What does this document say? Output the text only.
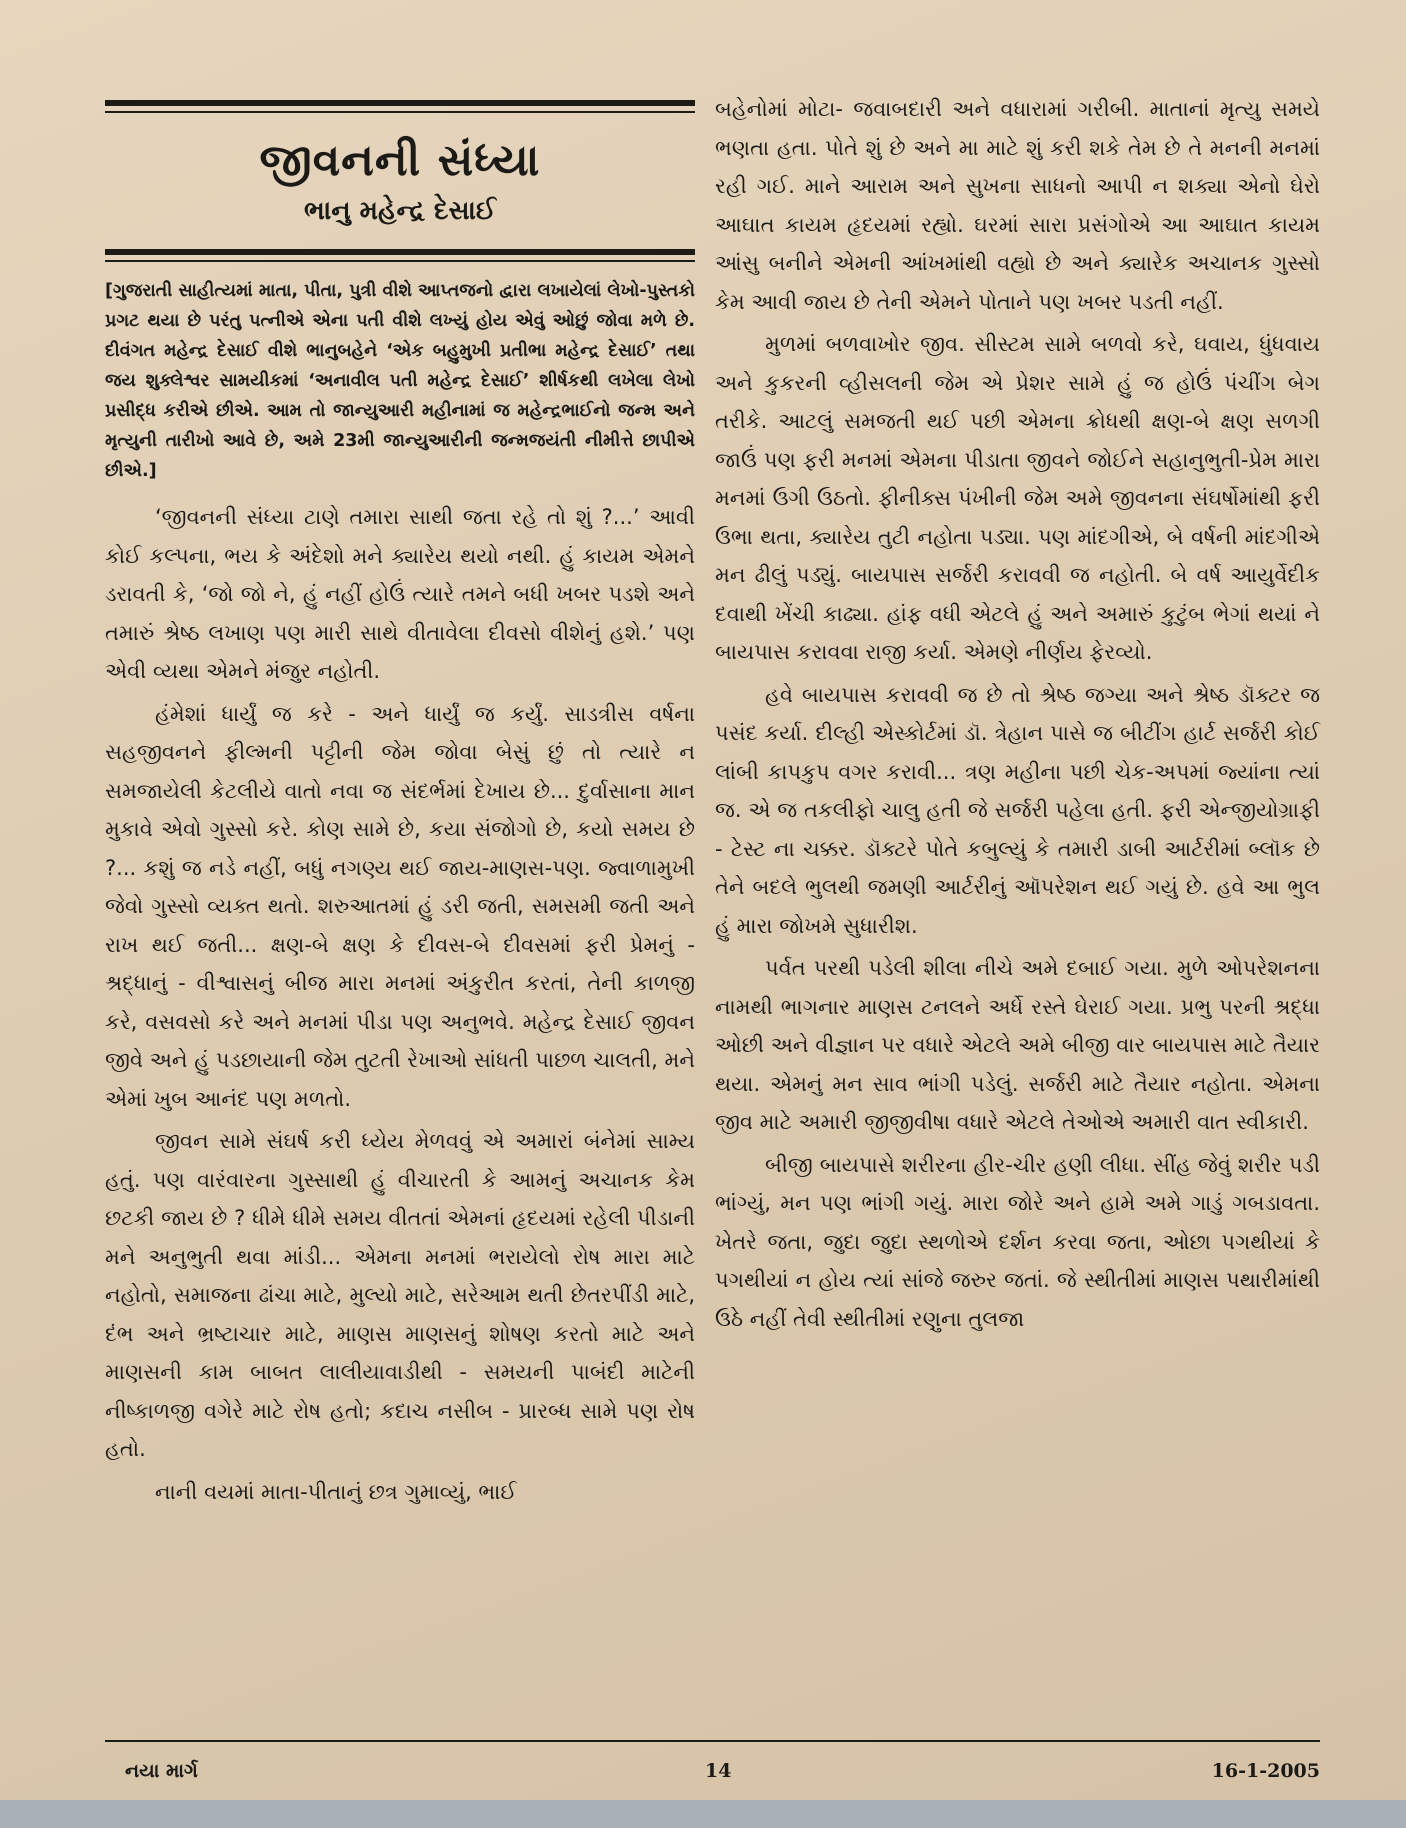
જીવનની સંધ્યા
ભાનુ મહેન્દ્ર દેસાઈ
[ગુજરાતી સાહીત્યમાં માતા, પીતા, પુત્રી વીશે આપ્તજનો દ્વારા લખાયેલાં લેખો-પુસ્તકો પ્રગટ થયા છે પરંતુ પત્નીએ એના પતી વીશે લખ્યું હોય એવું ઓછું જોવા મળે છે. દીવંગત મહેન્દ્ર દેસાઈ વીશે ભાનુબહેને ‘એક બહુમુખી પ્રતીભા મહેન્દ્ર દેસાઈ’ તથા જય શુક્લેશ્વર સામયીકમાં ‘અનાવીલ પતી મહેન્દ્ર દેસાઈ’ શીર્ષકથી લખેલા લેખો પ્રસીદ્ધ કરીએ છીએ. આમ તો જાન્યુઆરી મહીનામાં જ મહેન્દ્રભાઈનો જન્મ અને મૃત્યુની તારીખો આવે છે, અમે 23મી જાન્યુઆરીની જન્મજયંતી નીમીત્તે છાપીએ છીએ.]

‘જીવનની સંધ્યા ટાણે તમારા સાથી જતા રહે તો શું ?...’ આવી કોઈ કલ્પના, ભય કે અંદેશો મને ક્યારેય થયો નથી. હું કાયમ એમને ડરાવતી કે, ‘જો જો ને, હું નહીં હોઉં ત્યારે તમને બધી ખબર પડશે અને તમારું શ્રેષ્ઠ લખાણ પણ મારી સાથે વીતાવેલા દીવસો વીશેનું હશે.’ પણ એવી વ્યથા એમને મંજુર નહોતી.

હંમેશાં ધાર્યું જ કરે - અને ધાર્યું જ કર્યું. સાડત્રીસ વર્ષના સહજીવનને ફીલ્મની પટ્ટીની જેમ જોવા બેસું છું તો ત્યારે ન સમજાયેલી કેટલીયે વાતો નવા જ સંદર્ભમાં દેખાય છે... દુર્વાસાના માન મુકાવે એવો ગુસ્સો કરે. કોણ સામે છે, કયા સંજોગો છે, કયો સમય છે ?... કશું જ નડે નહીં, બધું નગણ્ય થઈ જાય-માણસ-પણ. જ્વાળામુખી જેવો ગુસ્સો વ્યક્ત થતો. શરુઆતમાં હું ડરી જતી, સમસમી જતી અને રાખ થઈ જતી... ક્ષણ-બે ક્ષણ કે દીવસ-બે દીવસમાં ફરી પ્રેમનું - શ્રદ્ધાનું - વીશ્વાસનું બીજ મારા મનમાં અંકુરીત કરતાં, તેની કાળજી કરે, વસવસો કરે અને મનમાં પીડા પણ અનુભવે. મહેન્દ્ર દેસાઈ જીવન જીવે અને હું પડછાયાની જેમ તુટતી રેખાઓ સાંધતી પાછળ ચાલતી, મને એમાં ખુબ આનંદ પણ મળતો.

જીવન સામે સંઘર્ષ કરી ધ્યેય મેળવવું એ અમારાં બંનેમાં સામ્ય હતું. પણ વારંવારના ગુસ્સાથી હું વીચારતી કે આમનું અચાનક કેમ છટકી જાય છે ? ધીમે ધીમે સમય વીતતાં એમનાં હૃદયમાં રહેલી પીડાની મને અનુભુતી થવા માંડી... એમના મનમાં ભરાયેલો રોષ મારા માટે નહોતો, સમાજના ઢાંચા માટે, મુલ્યો માટે, સરેઆમ થતી છેતરપીંડી માટે, દંભ અને ભ્રષ્ટાચાર માટે, માણસ માણસનું શોષણ કરતો માટે અને માણસની કામ બાબત લાલીયાવાડીથી - સમયની પાબંદી માટેની નીષ્કાળજી વગેરે માટે રોષ હતો; કદાચ નસીબ - પ્રારબ્ધ સામે પણ રોષ હતો.

નાની વયમાં માતા-પીતાનું છત્ર ગુમાવ્યું, ભાઈ

બહેનોમાં મોટા- જવાબદારી અને વધારામાં ગરીબી. માતાનાં મૃત્યુ સમયે ભણતા હતા. પોતે શું છે અને મા માટે શું કરી શકે તેમ છે તે મનની મનમાં રહી ગઈ. માને આરામ અને સુખના સાધનો આપી ન શક્યા એનો ઘેરો આઘાત કાયમ હૃદયમાં રહ્યો. ઘરમાં સારા પ્રસંગોએ આ આઘાત કાયમ આંસુ બનીને એમની આંખમાંથી વહ્યો છે અને ક્યારેક અચાનક ગુસ્સો કેમ આવી જાય છે તેની એમને પોતાને પણ ખબર પડતી નહીં.

મુળમાં બળવાખોર જીવ. સીસ્ટમ સામે બળવો કરે, ઘવાય, ધુંધવાય અને કુકરની વ્હીસલની જેમ એ પ્રેશર સામે હું જ હોઉં પંચીંગ બેગ તરીકે. આટલું સમજતી થઈ પછી એમના ક્રોધથી ક્ષણ-બે ક્ષણ સળગી જાઉં પણ ફરી મનમાં એમના પીડાતા જીવને જોઈને સહાનુભુતી-પ્રેમ મારા મનમાં ઉગી ઉઠતો. ફીનીક્સ પંખીની જેમ અમે જીવનના સંઘર્ષોમાંથી ફરી ઉભા થતા, ક્યારેય તુટી નહોતા પડ્યા. પણ માંદગીએ, બે વર્ષની માંદગીએ મન ઢીલું પડ્યું. બાયપાસ સર્જરી કરાવવી જ નહોતી. બે વર્ષ આયુર્વેદીક દવાથી ખેંચી કાઢ્યા. હાંફ વધી એટલે હું અને અમારું કુટુંબ ભેગાં થયાં ને બાયપાસ કરાવવા રાજી કર્યા. એમણે નીર્ણય ફેરવ્યો.

હવે બાયપાસ કરાવવી જ છે તો શ્રેષ્ઠ જગ્યા અને શ્રેષ્ઠ ડૉક્ટર જ પસંદ કર્યા. દીલ્હી એસ્કોર્ટમાં ડૉ. ત્રેહાન પાસે જ બીટીંગ હાર્ટ સર્જરી કોઈ લાંબી કાપકુપ વગર કરાવી... ત્રણ મહીના પછી ચેક-અપમાં જ્યાંના ત્યાં જ. એ જ તકલીફો ચાલુ હતી જે સર્જરી પહેલા હતી. ફરી એન્જીયોગ્રાફી - ટેસ્ટ ના ચક્કર. ડૉક્ટરે પોતે કબુલ્યું કે તમારી ડાબી આર્ટરીમાં બ્લૉક છે તેને બદલે ભુલથી જમણી આર્ટરીનું ઑપરેશન થઈ ગયું છે. હવે આ ભુલ હું મારા જોખમે સુધારીશ.

પર્વત પરથી પડેલી શીલા નીચે અમે દબાઈ ગયા. મુળે ઓપરેશનના નામથી ભાગનાર માણસ ટનલને અર્ધે રસ્તે ઘેરાઈ ગયા. પ્રભુ પરની શ્રદ્ધા ઓછી અને વીજ્ઞાન પર વધારે એટલે અમે બીજી વાર બાયપાસ માટે તૈયાર થયા. એમનું મન સાવ ભાંગી પડેલું. સર્જરી માટે તૈયાર નહોતા. એમના જીવ માટે અમારી જીજીવીષા વધારે એટલે તેઓએ અમારી વાત સ્વીકારી.

બીજી બાયપાસે શરીરના હીર-ચીર હણી લીધા. સીંહ જેવું શરીર પડી ભાંગ્યું, મન પણ ભાંગી ગયું. મારા જોરે અને હામે અમે ગાડું ગબડાવતા. ખેતરે જતા, જુદા જુદા સ્થળોએ દર્શન કરવા જતા, ઓછા પગથીયાં કે પગથીયાં ન હોય ત્યાં સાંજે જરુર જતાં. જે સ્થીતીમાં માણસ પથારીમાંથી ઉઠે નહીં તેવી સ્થીતીમાં રણુના તુલજા

નયા માર્ગ	14	16-1-2005
